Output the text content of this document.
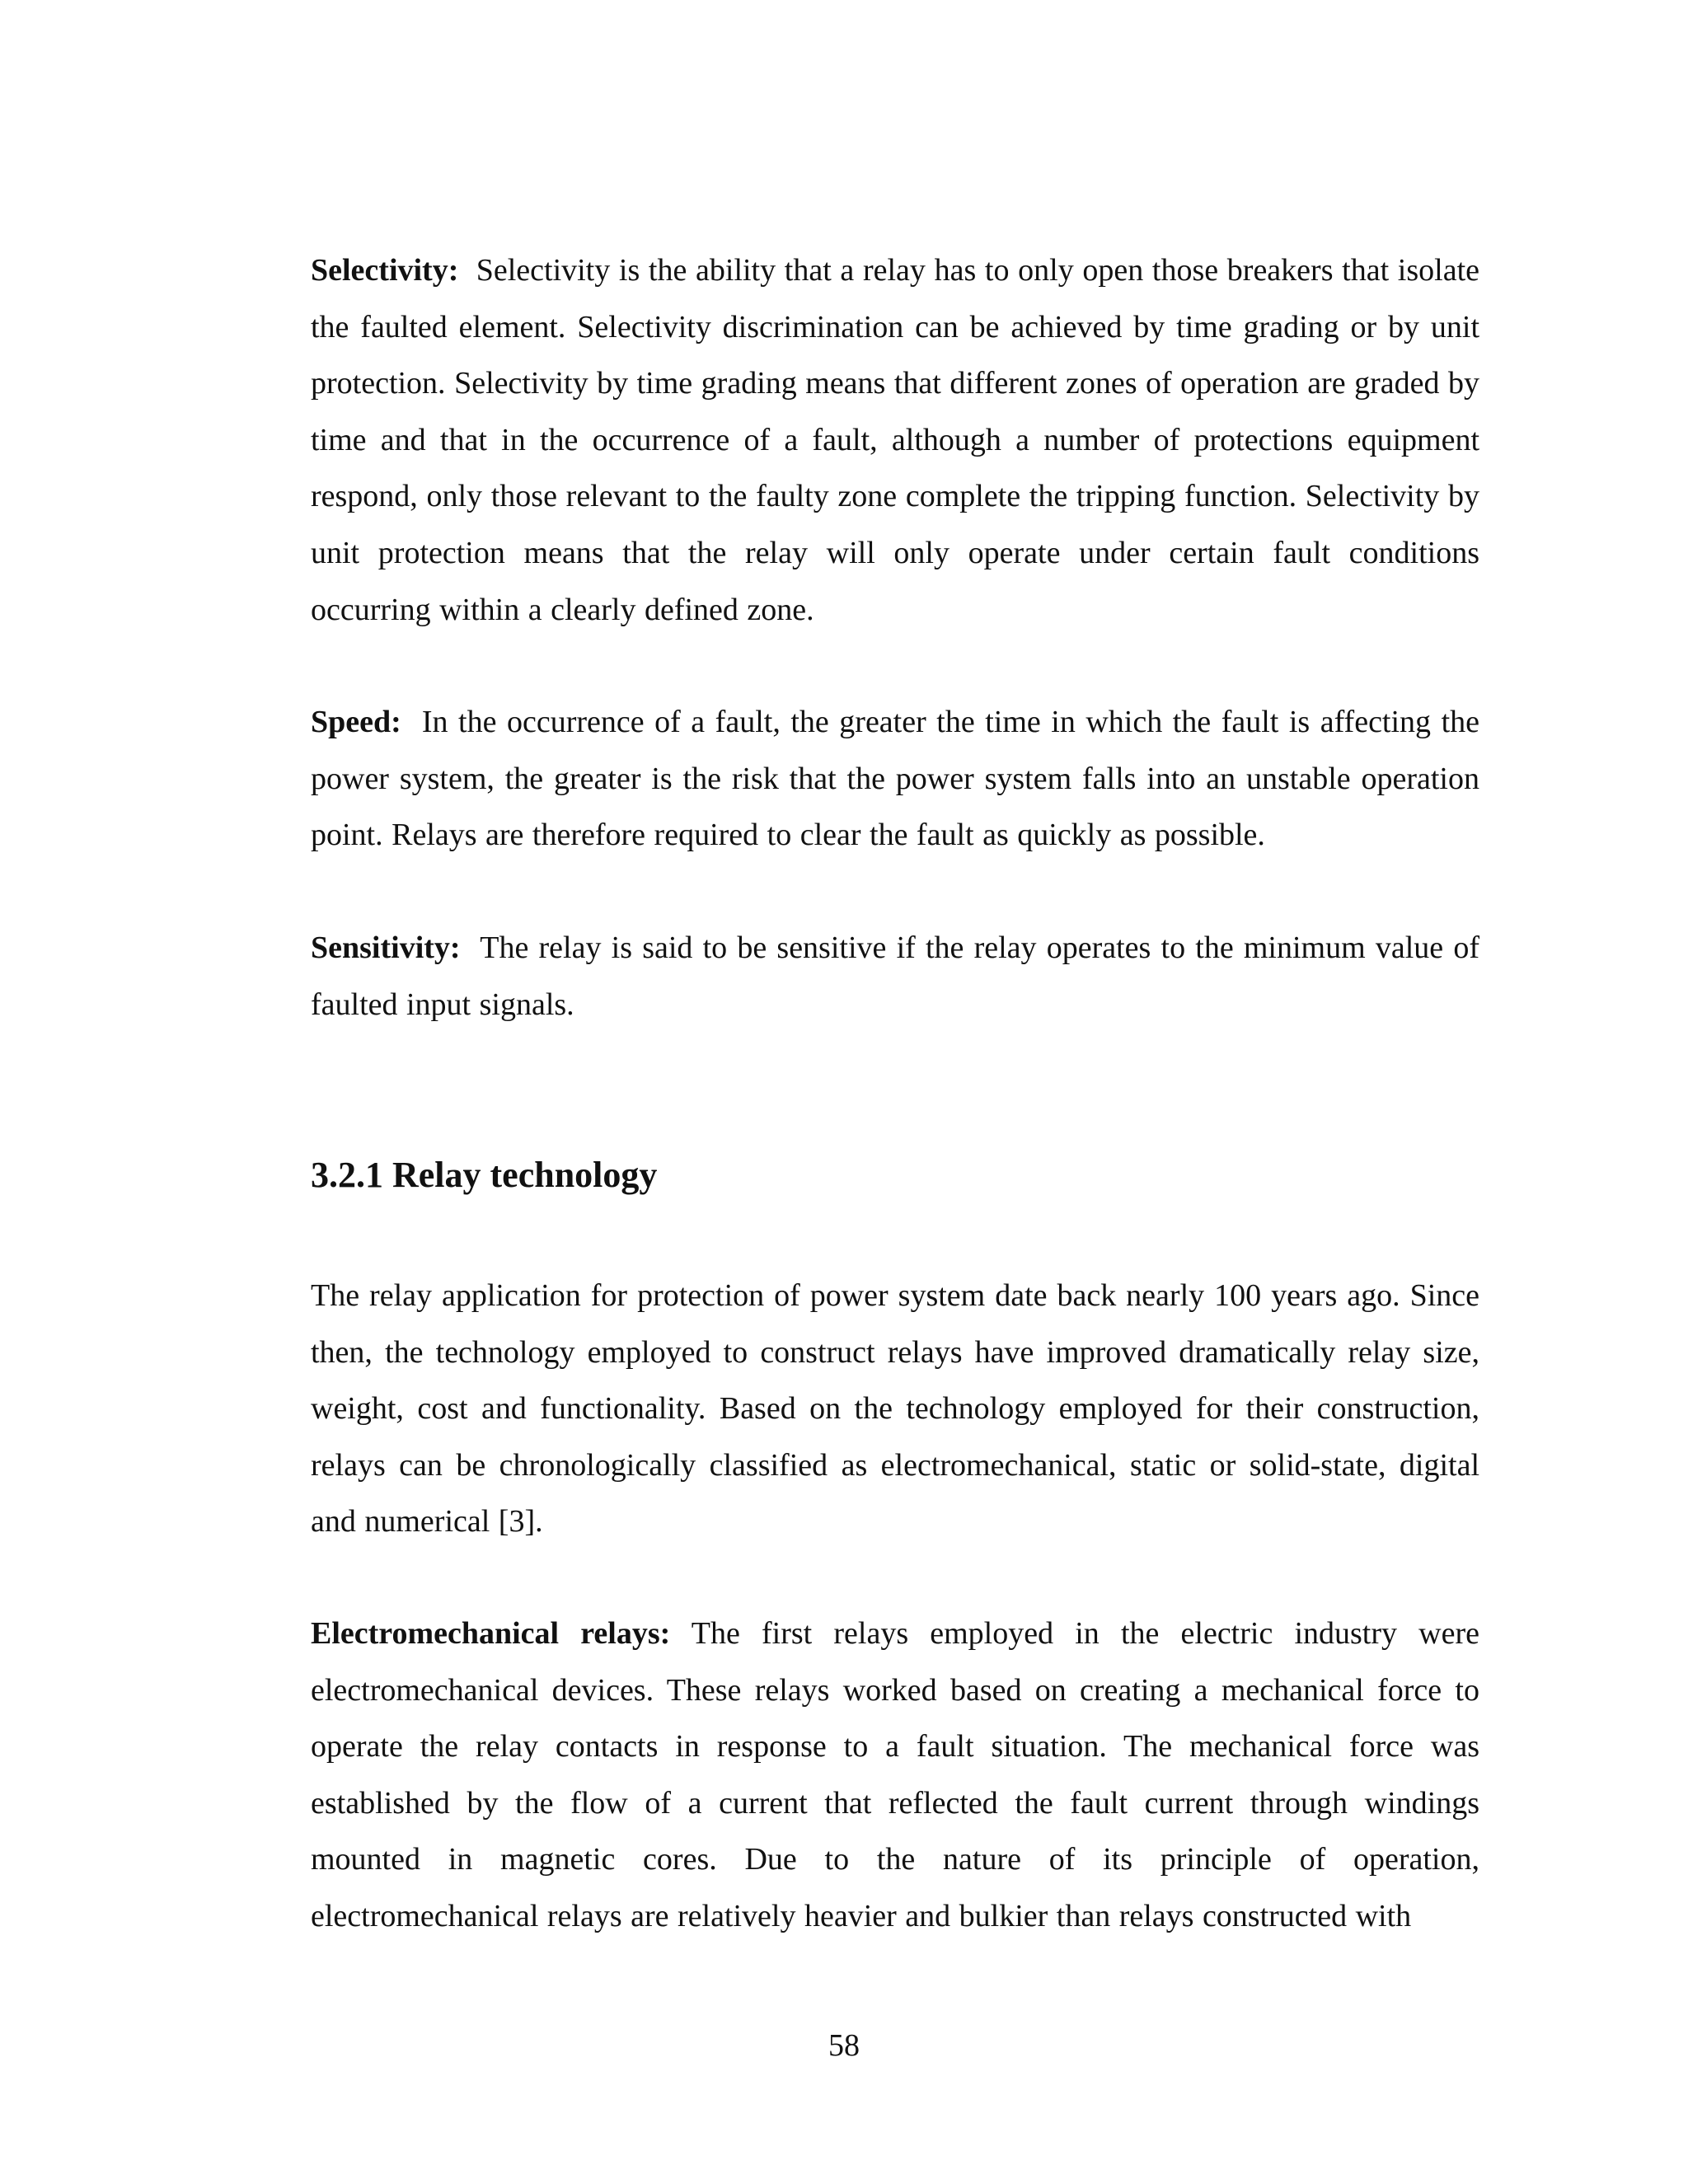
Selectivity: Selectivity is the ability that a relay has to only open those breakers that isolate the faulted element. Selectivity discrimination can be achieved by time grading or by unit protection. Selectivity by time grading means that different zones of operation are graded by time and that in the occurrence of a fault, although a number of protections equipment respond, only those relevant to the faulty zone complete the tripping function. Selectivity by unit protection means that the relay will only operate under certain fault conditions occurring within a clearly defined zone.

Speed: In the occurrence of a fault, the greater the time in which the fault is affecting the power system, the greater is the risk that the power system falls into an unstable operation point. Relays are therefore required to clear the fault as quickly as possible.

Sensitivity: The relay is said to be sensitive if the relay operates to the minimum value of faulted input signals.

3.2.1 Relay technology

The relay application for protection of power system date back nearly 100 years ago. Since then, the technology employed to construct relays have improved dramatically relay size, weight, cost and functionality. Based on the technology employed for their construction, relays can be chronologically classified as electromechanical, static or solid-state, digital and numerical [3].

Electromechanical relays: The first relays employed in the electric industry were electromechanical devices. These relays worked based on creating a mechanical force to operate the relay contacts in response to a fault situation. The mechanical force was established by the flow of a current that reflected the fault current through windings mounted in magnetic cores. Due to the nature of its principle of operation, electromechanical relays are relatively heavier and bulkier than relays constructed with

58
